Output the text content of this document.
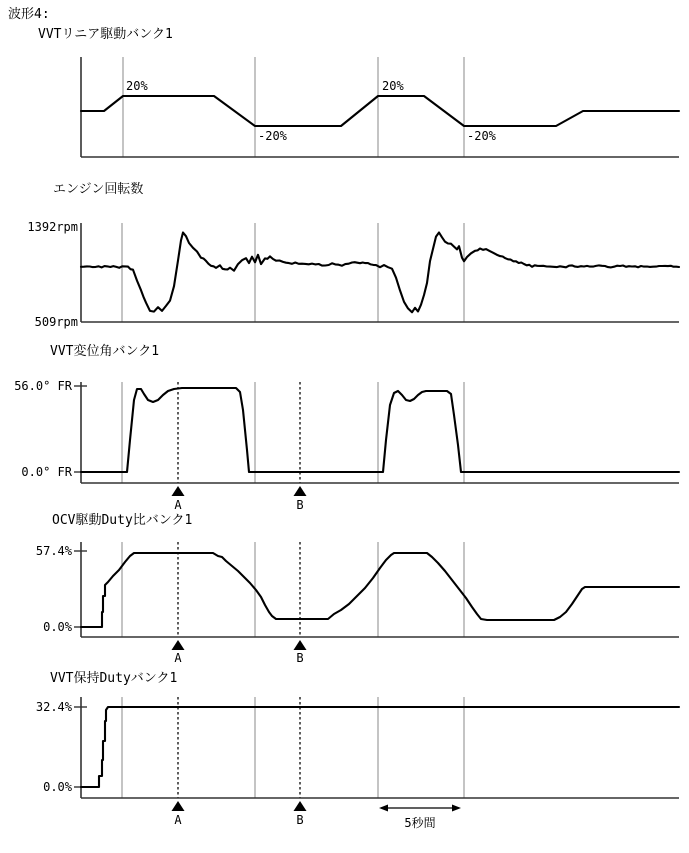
波形4:
VVTリニア駆動バンク1
エンジン回転数
VVT変位角バンク1
OCV駆動Duty比バンク1
VVT保持Dutyバンク1
20%
-20%
20%
-20%
1392rpm
509rpm
56.0° FR
0.0° FR
57.4%
0.0%
32.4%
0.0%
A	B
A	B
A	B	5秒間
